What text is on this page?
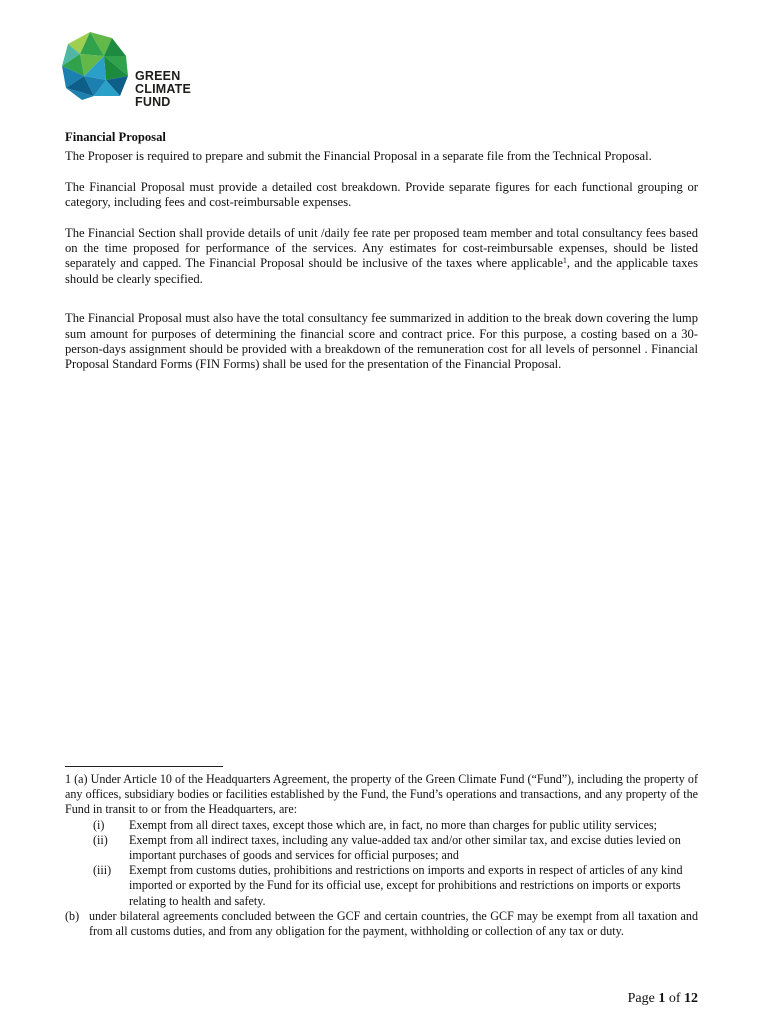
GREEN
CLIMATE
FUND
Financial Proposal

The Proposer is required to prepare and submit the Financial Proposal in a separate file from the Technical Proposal.

The Financial Proposal must provide a detailed cost breakdown. Provide separate figures for each functional grouping or category, including fees and cost-reimbursable expenses.

The Financial Section shall provide details of unit /daily fee rate per proposed team member and total consultancy fees based on the time proposed for performance of the services. Any estimates for cost-reimbursable expenses, should be listed separately and capped. The Financial Proposal should be inclusive of the taxes where applicable$^1$, and the applicable taxes should be clearly specified.

The Financial Proposal must also have the total consultancy fee summarized in addition to the break down covering the lump sum amount for purposes of determining the financial score and contract price. For this purpose, a costing based on a 30-person-days assignment should be provided with a breakdown of the remuneration cost for all levels of personnel . Financial Proposal Standard Forms (FIN Forms) shall be used for the presentation of the Financial Proposal.

1 (a) Under Article 10 of the Headquarters Agreement, the property of the Green Climate Fund (“Fund”), including the property of any offices, subsidiary bodies or facilities established by the Fund, the Fund’s operations and transactions, and any property of the Fund in transit to or from the Headquarters, are:

(i)	Exempt from all direct taxes, except those which are, in fact, no more than charges for public utility services;
(ii)	Exempt from all indirect taxes, including any value-added tax and/or other similar tax, and excise duties levied on important purchases of goods and services for official purposes; and
(iii)	Exempt from customs duties, prohibitions and restrictions on imports and exports in respect of articles of any kind imported or exported by the Fund for its official use, except for prohibitions and restrictions on imports or exports relating to health and safety.
(b) under bilateral agreements concluded between the GCF and certain countries, the GCF may be exempt from all taxation and from all customs duties, and from any obligation for the payment, withholding or collection of any tax or duty.
Page 1 of 12
